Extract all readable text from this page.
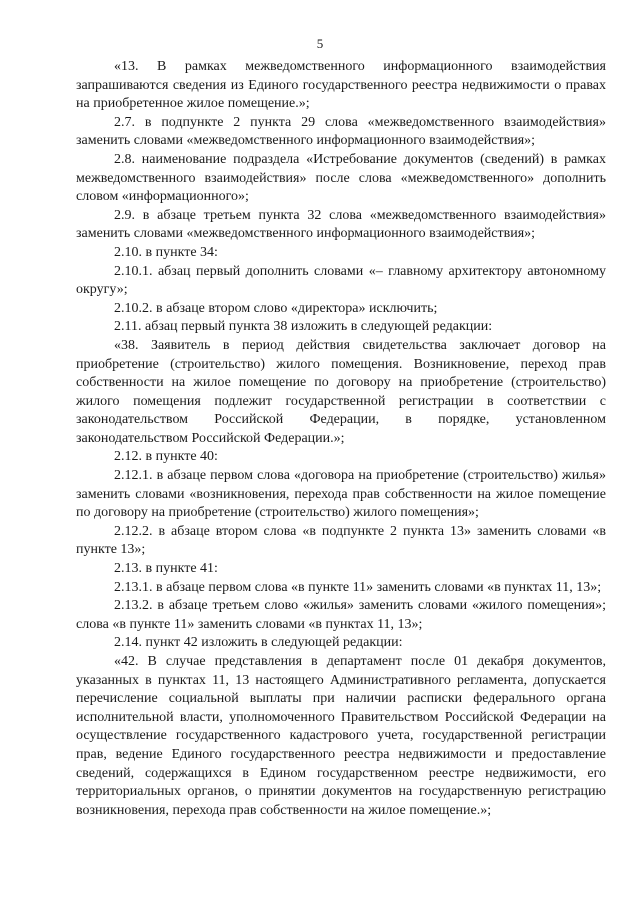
5

«13. В рамках межведомственного информационного взаимодействия запрашиваются сведения из Единого государственного реестра недвижимости о правах на приобретенное жилое помещение.»;

2.7. в подпункте 2 пункта 29 слова «межведомственного взаимодействия» заменить словами «межведомственного информационного взаимодействия»;

2.8. наименование подраздела «Истребование документов (сведений) в рамках межведомственного взаимодействия» после слова «межведомственного» дополнить словом «информационного»;

2.9. в абзаце третьем пункта 32 слова «межведомственного взаимодействия» заменить словами «межведомственного информационного взаимодействия»;

2.10. в пункте 34:

2.10.1. абзац первый дополнить словами «– главному архитектору автономному округу»;

2.10.2. в абзаце втором слово «директора» исключить;

2.11. абзац первый пункта 38 изложить в следующей редакции:

«38. Заявитель в период действия свидетельства заключает договор на приобретение (строительство) жилого помещения. Возникновение, переход прав собственности на жилое помещение по договору на приобретение (строительство) жилого помещения подлежит государственной регистрации в соответствии с законодательством Российской Федерации, в порядке, установленном законодательством Российской Федерации.»;

2.12. в пункте 40:

2.12.1. в абзаце первом слова «договора на приобретение (строительство) жилья» заменить словами «возникновения, перехода прав собственности на жилое помещение по договору на приобретение (строительство) жилого помещения»;

2.12.2. в абзаце втором слова «в подпункте 2 пункта 13» заменить словами «в пункте 13»;

2.13. в пункте 41:

2.13.1. в абзаце первом слова «в пункте 11» заменить словами «в пунктах 11, 13»;

2.13.2. в абзаце третьем слово «жилья» заменить словами «жилого помещения»; слова «в пункте 11» заменить словами «в пунктах 11, 13»;

2.14. пункт 42 изложить в следующей редакции:

«42. В случае представления в департамент после 01 декабря документов, указанных в пунктах 11, 13 настоящего Административного регламента, допускается перечисление социальной выплаты при наличии расписки федерального органа исполнительной власти, уполномоченного Правительством Российской Федерации на осуществление государственного кадастрового учета, государственной регистрации прав, ведение Единого государственного реестра недвижимости и предоставление сведений, содержащихся в Едином государственном реестре недвижимости, его территориальных органов, о принятии документов на государственную регистрацию возникновения, перехода прав собственности на жилое помещение.»;
